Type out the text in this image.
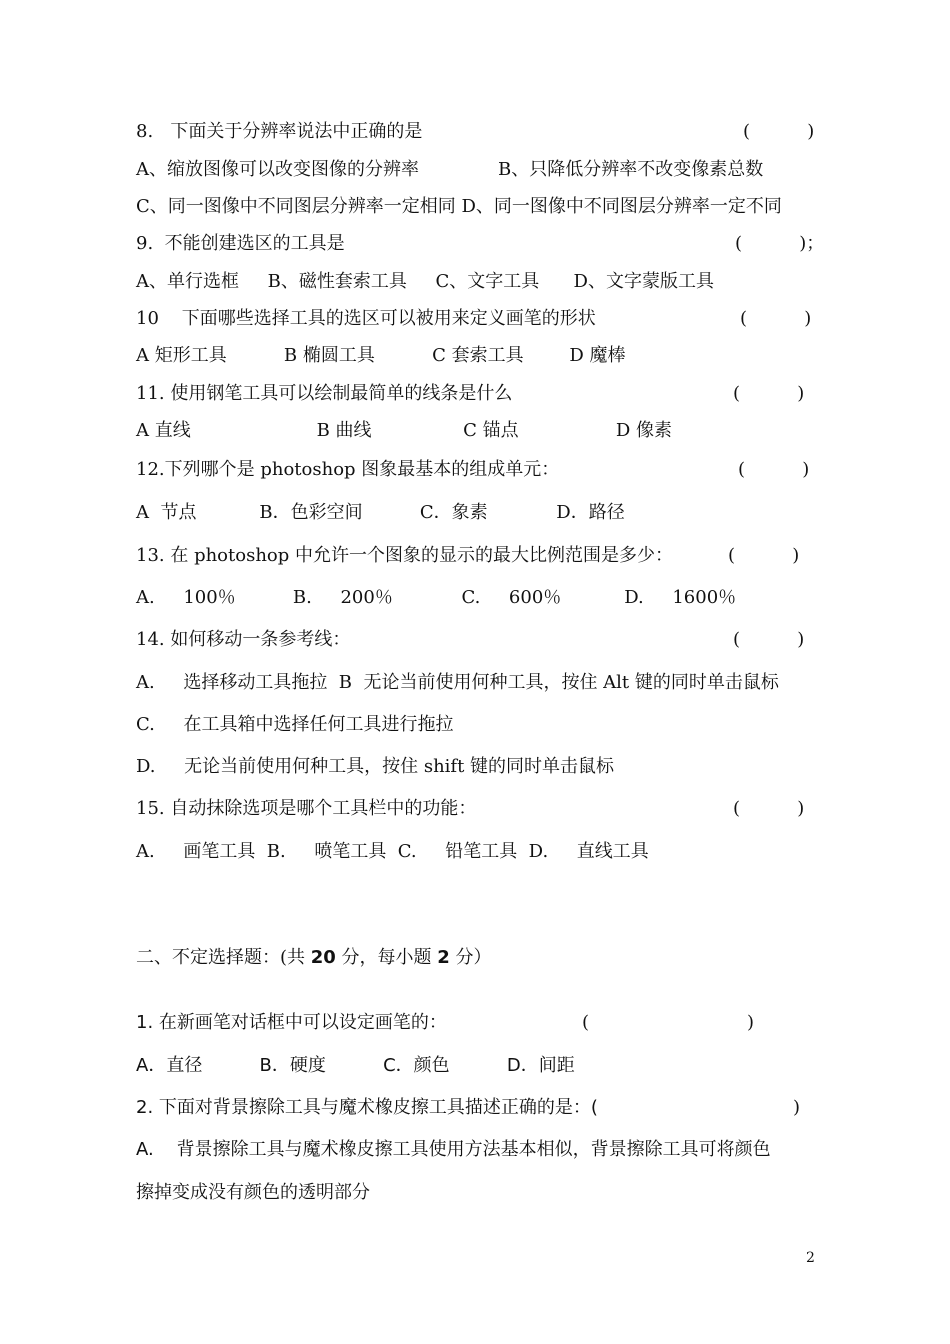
8.   下面关于分辨率说法中正确的是	(          )
A、缩放图像可以改变图像的分辨率	B、只降低分辨率不改变像素总数
C、同一图像中不同图层分辨率一定相同 D、同一图像中不同图层分辨率一定不同
9.  不能创建选区的工具是	(          )；
A、单行选框     B、磁性套索工具     C、文字工具      D、文字蒙版工具
10    下面哪些选择工具的选区可以被用来定义画笔的形状	(          )
A 矩形工具          B 椭圆工具          C 套索工具        D 魔棒
11. 使用钢笔工具可以绘制最简单的线条是什么	(          )
A 直线                      B 曲线                C 锚点                 D 像素
12.下列哪个是 photoshop 图象最基本的组成单元：	(          )
A  节点           B．色彩空间          C．象素            D．路径
13. 在 photoshop 中允许一个图象的显示的最大比例范围是多少：	(          )
A.     100％          B.     200％            C.     600％           D.     1600％
14. 如何移动一条参考线：	(          )
A.     选择移动工具拖拉  B  无论当前使用何种工具，按住 Alt 键的同时单击鼠标
C.     在工具箱中选择任何工具进行拖拉
D.     无论当前使用何种工具，按住 shift 键的同时单击鼠标
15. 自动抹除选项是哪个工具栏中的功能：	(          )
A.     画笔工具  B.     喷笔工具  C.     铅笔工具  D.     直线工具
二、不定选择题：(共 20 分，每小题 2 分）
1. 在新画笔对话框中可以设定画笔的：	(	)
A．直径          B．硬度          C．颜色          D．间距
2. 下面对背景擦除工具与魔术橡皮擦工具描述正确的是：(	)
A.    背景擦除工具与魔术橡皮擦工具使用方法基本相似，背景擦除工具可将颜色
擦掉变成没有颜色的透明部分
2
